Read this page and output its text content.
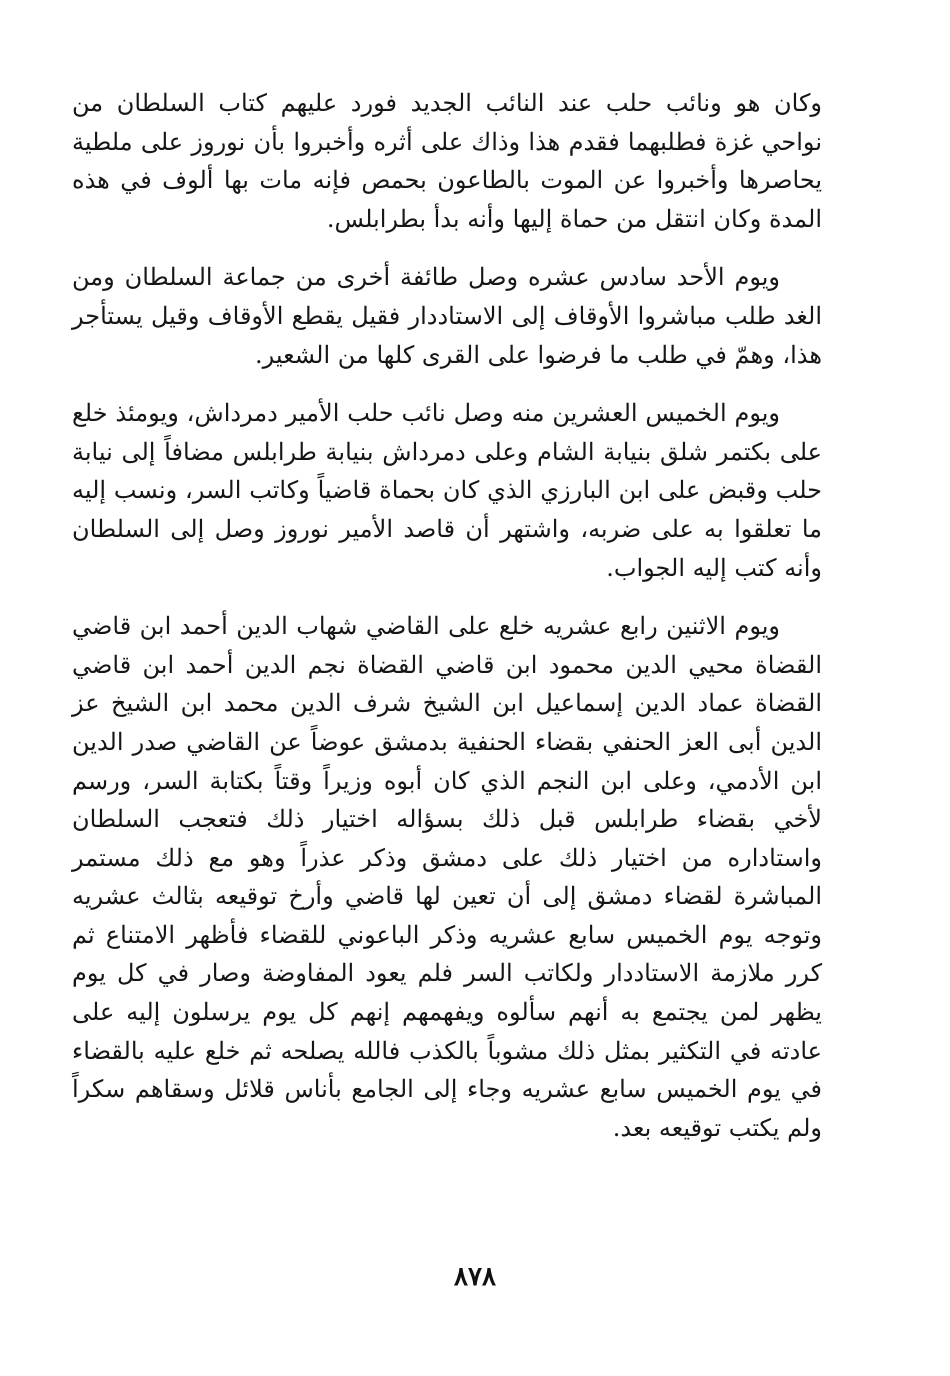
وكان هو ونائب حلب عند النائب الجديد فورد عليهم كتاب السلطان من نواحي غزة فطلبهما فقدم هذا وذاك على أثره وأخبروا بأن نوروز على ملطية يحاصرها وأخبروا عن الموت بالطاعون بحمص فإنه مات بها ألوف في هذه المدة وكان انتقل من حماة إليها وأنه بدأ بطرابلس.

ويوم الأحد سادس عشره وصل طائفة أخرى من جماعة السلطان ومن الغد طلب مباشروا الأوقاف إلى الاستاددار فقيل يقطع الأوقاف وقيل يستأجر هذا، وهمّ في طلب ما فرضوا على القرى كلها من الشعير.

ويوم الخميس العشرين منه وصل نائب حلب الأمير دمرداش، ويومئذ خلع على بكتمر شلق بنيابة الشام وعلى دمرداش بنيابة طرابلس مضافاً إلى نيابة حلب وقبض على ابن البارزي الذي كان بحماة قاضياً وكاتب السر، ونسب إليه ما تعلقوا به على ضربه، واشتهر أن قاصد الأمير نوروز وصل إلى السلطان وأنه كتب إليه الجواب.

ويوم الاثنين رابع عشريه خلع على القاضي شهاب الدين أحمد ابن قاضي القضاة محيي الدين محمود ابن قاضي القضاة نجم الدين أحمد ابن قاضي القضاة عماد الدين إسماعيل ابن الشيخ شرف الدين محمد ابن الشيخ عز الدين أبى العز الحنفي بقضاء الحنفية بدمشق عوضاً عن القاضي صدر الدين ابن الأدمي، وعلى ابن النجم الذي كان أبوه وزيراً وقتاً بكتابة السر، ورسم لأخي بقضاء طرابلس قبل ذلك بسؤاله اختيار ذلك فتعجب السلطان واستاداره من اختيار ذلك على دمشق وذكر عذراً وهو مع ذلك مستمر المباشرة لقضاء دمشق إلى أن تعين لها قاضي وأرخ توقيعه بثالث عشريه وتوجه يوم الخميس سابع عشريه وذكر الباعوني للقضاء فأظهر الامتناع ثم كرر ملازمة الاستاددار ولكاتب السر فلم يعود المفاوضة وصار في كل يوم يظهر لمن يجتمع به أنهم سألوه ويفهمهم إنهم كل يوم يرسلون إليه على عادته في التكثير بمثل ذلك مشوباً بالكذب فالله يصلحه ثم خلع عليه بالقضاء في يوم الخميس سابع عشريه وجاء إلى الجامع بأناس قلائل وسقاهم سكراً ولم يكتب توقيعه بعد.

٨٧٨
